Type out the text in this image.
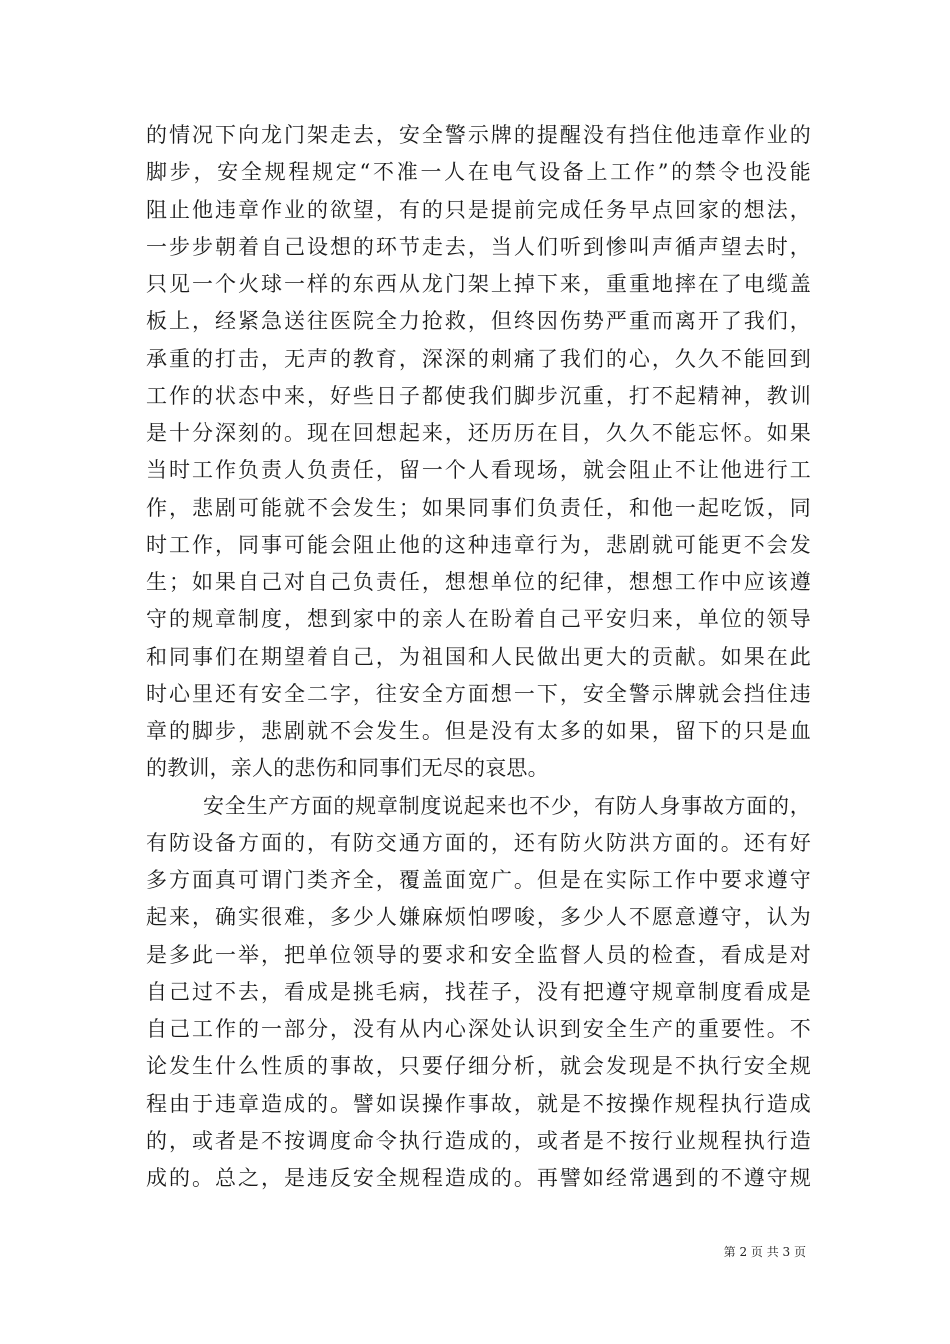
的情况下向龙门架走去，安全警示牌的提醒没有挡住他违章作业的
脚步，安全规程规定“不准一人在电气设备上工作”的禁令也没能
阻止他违章作业的欲望，有的只是提前完成任务早点回家的想法，
一步步朝着自己设想的环节走去，当人们听到惨叫声循声望去时，
只见一个火球一样的东西从龙门架上掉下来，重重地摔在了电缆盖
板上，经紧急送往医院全力抢救，但终因伤势严重而离开了我们，
承重的打击，无声的教育，深深的刺痛了我们的心，久久不能回到
工作的状态中来，好些日子都使我们脚步沉重，打不起精神，教训
是十分深刻的。现在回想起来，还历历在目，久久不能忘怀。如果
当时工作负责人负责任，留一个人看现场，就会阻止不让他进行工
作，悲剧可能就不会发生；如果同事们负责任，和他一起吃饭，同
时工作，同事可能会阻止他的这种违章行为，悲剧就可能更不会发
生；如果自己对自己负责任，想想单位的纪律，想想工作中应该遵
守的规章制度，想到家中的亲人在盼着自己平安归来，单位的领导
和同事们在期望着自己，为祖国和人民做出更大的贡献。如果在此
时心里还有安全二字，往安全方面想一下，安全警示牌就会挡住违
章的脚步，悲剧就不会发生。但是没有太多的如果，留下的只是血
的教训，亲人的悲伤和同事们无尽的哀思。
安全生产方面的规章制度说起来也不少，有防人身事故方面的，
有防设备方面的，有防交通方面的，还有防火防洪方面的。还有好
多方面真可谓门类齐全，覆盖面宽广。但是在实际工作中要求遵守
起来，确实很难，多少人嫌麻烦怕啰唆，多少人不愿意遵守，认为
是多此一举，把单位领导的要求和安全监督人员的检查，看成是对
自己过不去，看成是挑毛病，找茬子，没有把遵守规章制度看成是
自己工作的一部分，没有从内心深处认识到安全生产的重要性。不
论发生什么性质的事故，只要仔细分析，就会发现是不执行安全规
程由于违章造成的。譬如误操作事故，就是不按操作规程执行造成
的，或者是不按调度命令执行造成的，或者是不按行业规程执行造
成的。总之，是违反安全规程造成的。再譬如经常遇到的不遵守规
第 2 页 共 3 页
